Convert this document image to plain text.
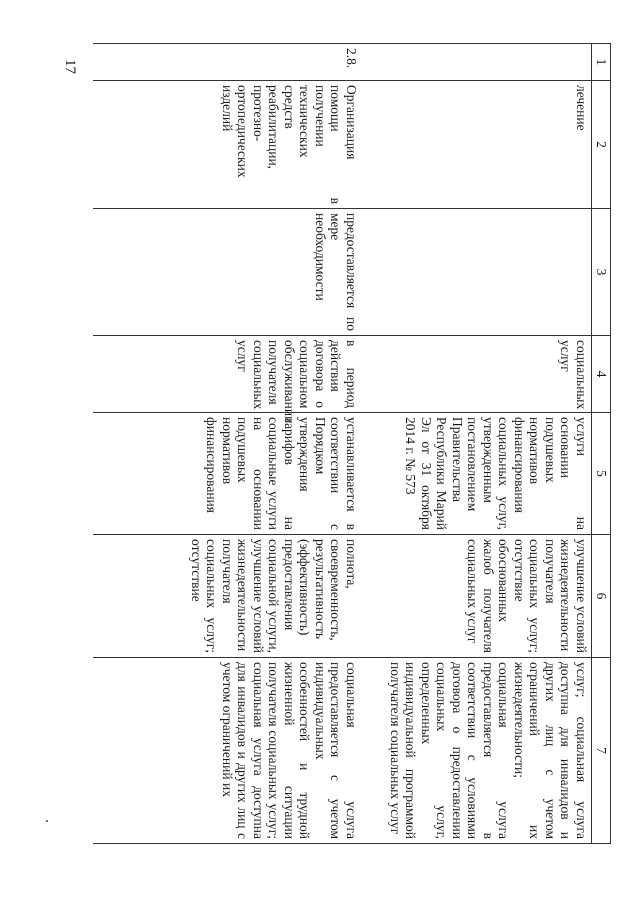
17	1	2	3	4	5	6	7
	лечение		социальных услуг	услуги на основании подушевых нормативов финансирования социальных услуг, утвержденным постановлением Правительства Республики Марий Эл от 31 октября 2014 г. № 573	улучшение условий жизнедеятельности получателя социальных услуг; отсутствие обоснованных жалоб получателя социальных услуг	услуг; социальная услуга доступна для инвалидов и других лиц с учетом ограничений их жизнедеятельности; социальная услуга предоставляется в соответствии с условиями договора о предоставлении социальных услуг, определенных индивидуальной программой получателя социальных услуг
2.8.	Организация помощи в получении технических средств реабилитации, протезно-ортопедических изделий	предоставляется по мере необходимости	в период действия договора о социальном обслуживании получателя социальных услуг	устанавливается в соответствии с Порядком утверждения тарифов на социальные услуги на основании подушевых нормативов финансирования	полнота, своевременность, результативность (эффективность) предоставления социальной услуги, улучшение условий жизнедеятельности получателя социальных услуг; отсутствие	социальная услуга предоставляется с учетом индивидуальных особенностей и трудной жизненной ситуации получателя социальных услуг; социальная услуга доступна для инвалидов и других лиц с учетом ограничений их
